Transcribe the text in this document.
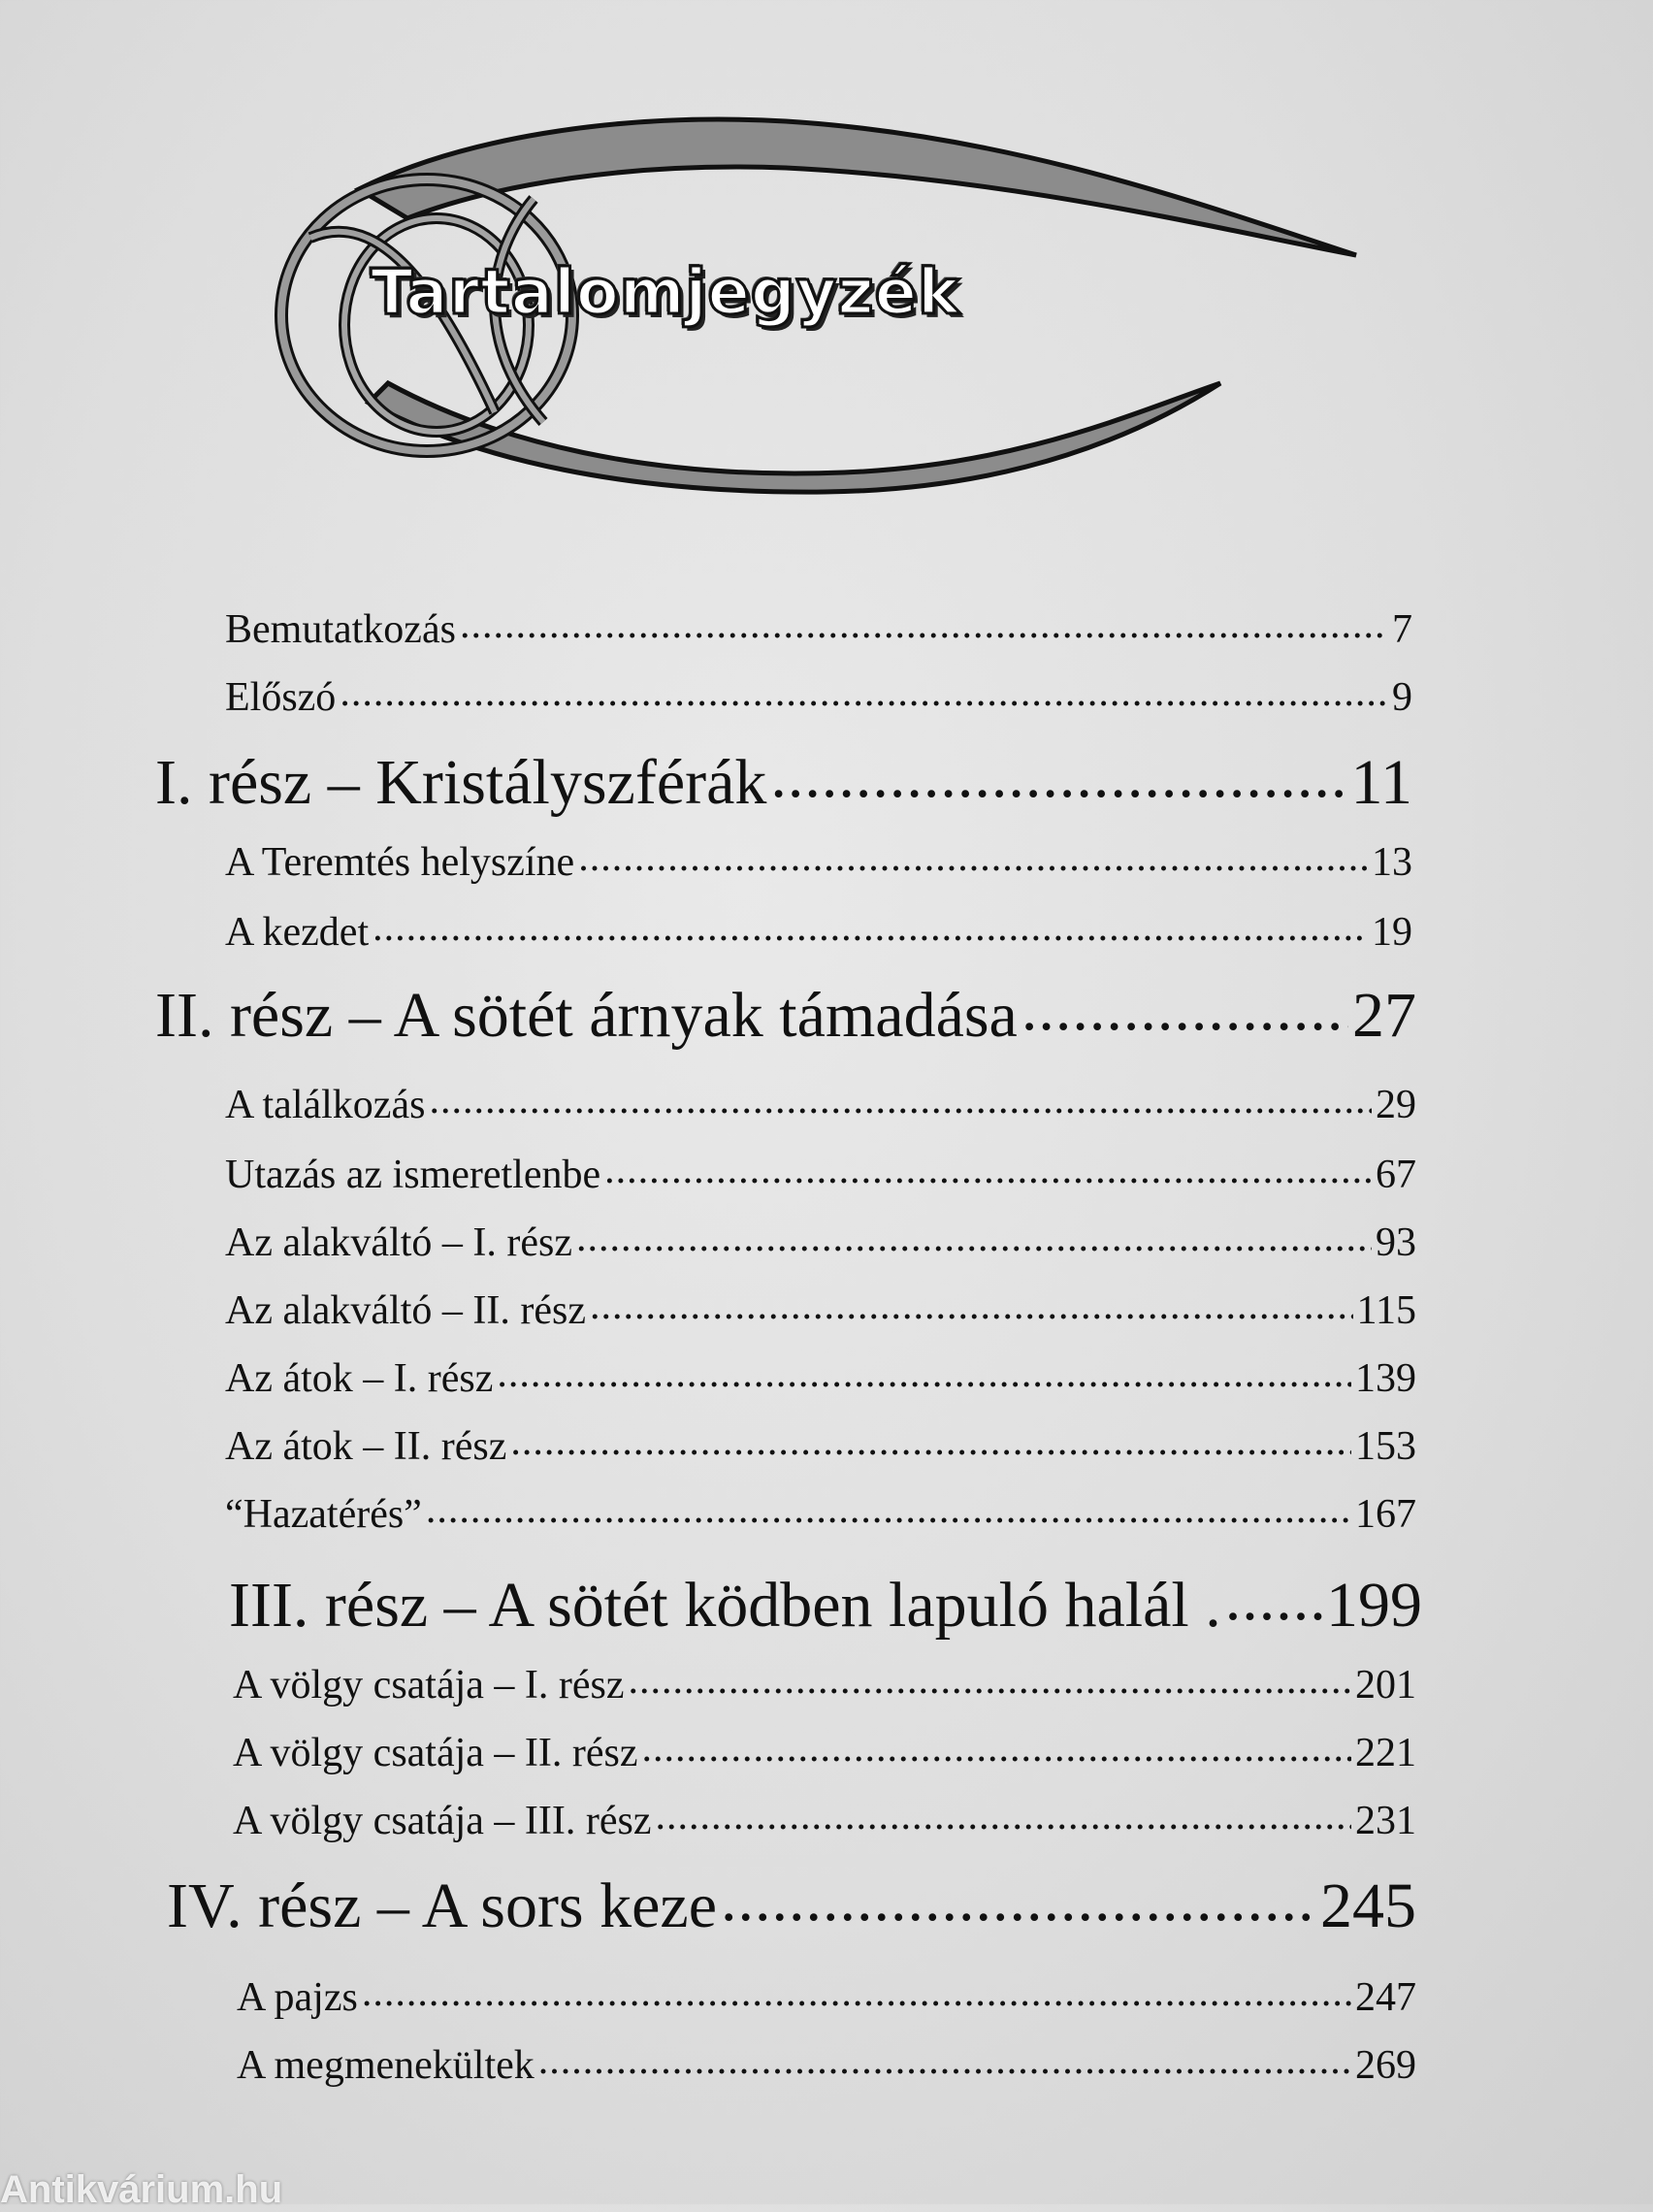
Tartalomjegyzék
Bemutatkozás .....	7
Előszó .....	9
I. rész – Kristályszférák .....	11
A Teremtés helyszíne .....	13
A kezdet .....	19
II. rész – A sötét árnyak támadása .....	27
A találkozás .....	29
Utazás az ismeretlenbe .....	67
Az alakváltó – I. rész .....	93
Az alakváltó – II. rész .....	115
Az átok – I. rész .....	139
Az átok – II. rész .....	153
“Hazatérés” .....	167
III. rész – A sötét ködben lapuló halál . ..... 199
A völgy csatája – I. rész .....	201
A völgy csatája – II. rész .....	221
A völgy csatája – III. rész .....	231
IV. rész – A sors keze .....	245
A pajzs .....	247
A megmenekültek .....	269
Antikvárium.hu
